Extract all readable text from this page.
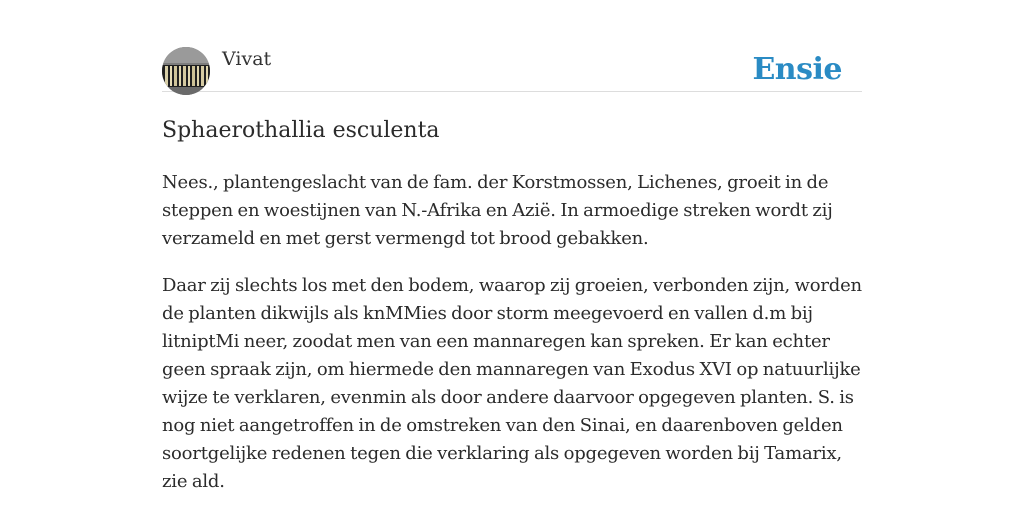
Vivat	Ensie
Sphaerothallia esculenta

Nees., plantengeslacht van de fam. der Korstmossen, Lichenes, groeit in de steppen en woestijnen van N.-Afrika en Azië. In armoedige streken wordt zij verzameld en met gerst vermengd tot brood gebakken.

Daar zij slechts los met den bodem, waarop zij groeien, verbonden zijn, worden de planten dikwijls als knMMies door storm meegevoerd en vallen d.m bij litniptMi neer, zoodat men van een mannaregen kan spreken. Er kan echter geen spraak zijn, om hiermede den mannaregen van Exodus XVI op natuurlijke wijze te verklaren, evenmin als door andere daarvoor opgegeven planten. S. is nog niet aangetroffen in de omstreken van den Sinai, en daarenboven gelden soortgelijke redenen tegen die verklaring als opgegeven worden bij Tamarix, zie ald.
